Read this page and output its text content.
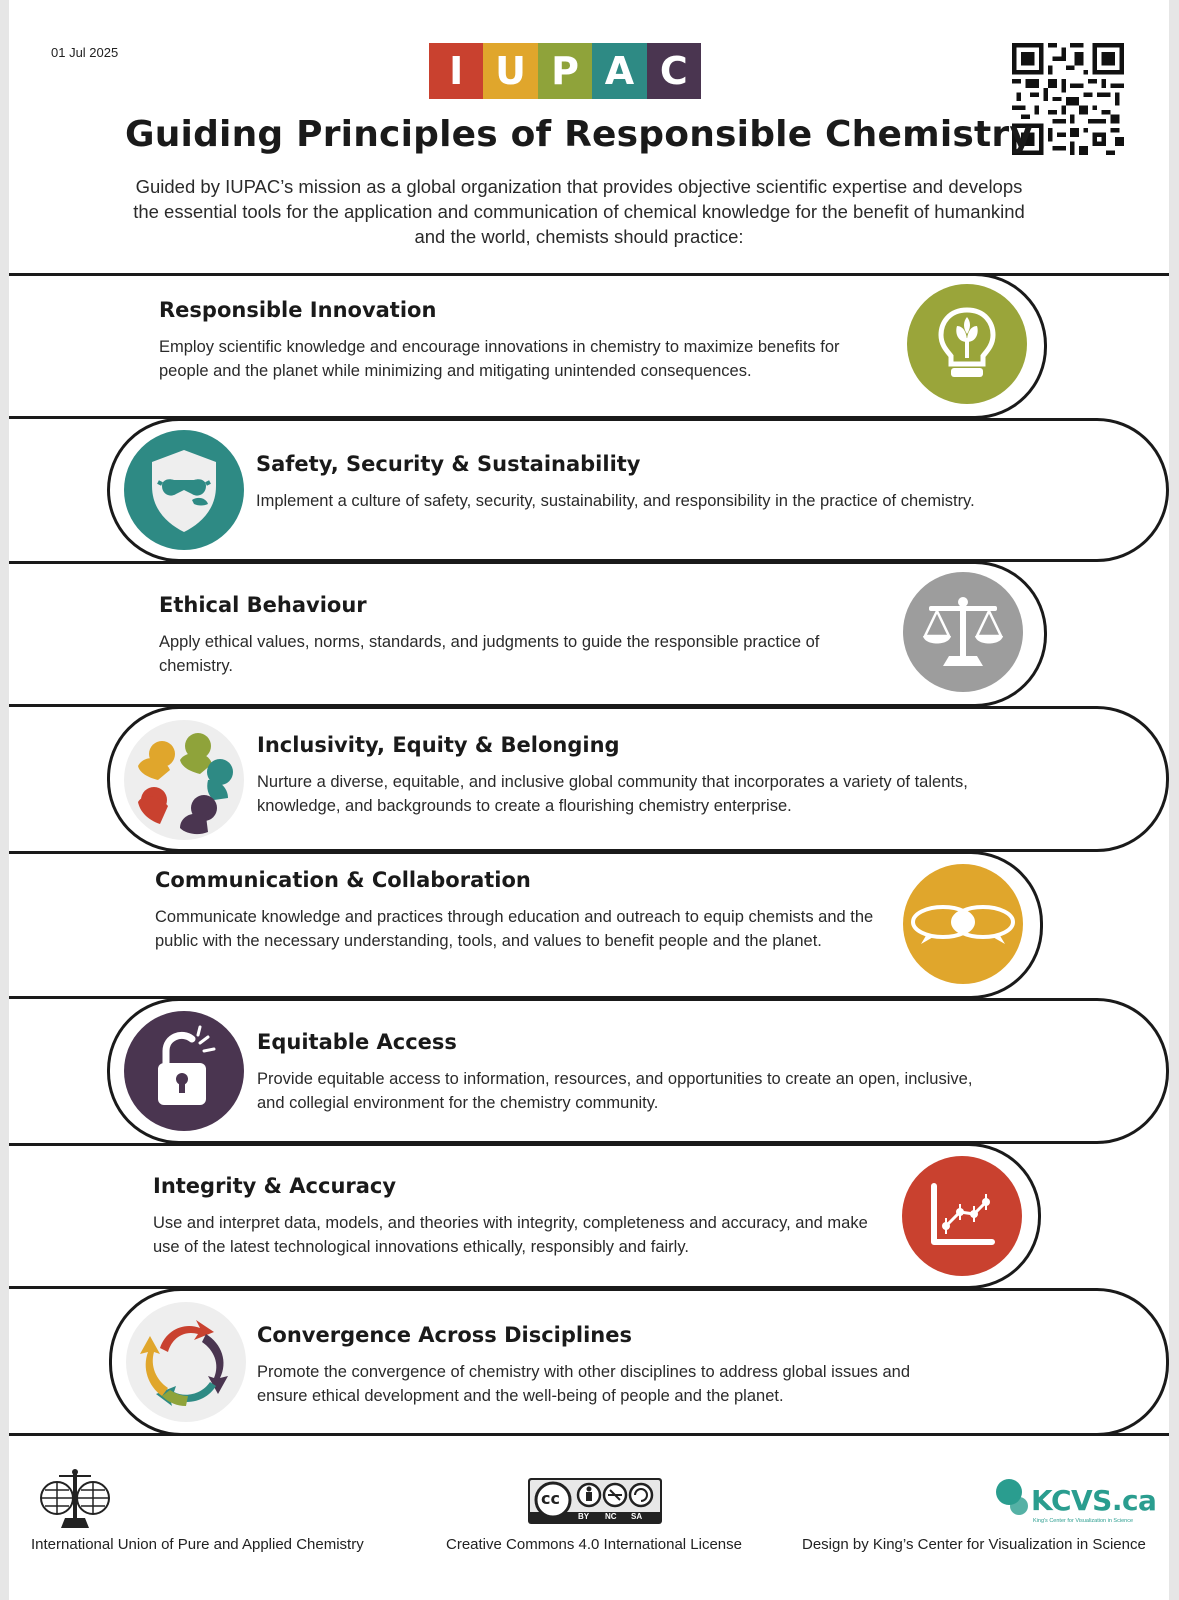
01 Jul 2025	I U P A C
Guiding Principles of Responsible Chemistry
Guided by IUPAC’s mission as a global organization that provides objective scientific expertise and develops the essential tools for the application and communication of chemical knowledge for the benefit of humankind and the world, chemists should practice:
Responsible Innovation
Employ scientific knowledge and encourage innovations in chemistry to maximize benefits for people and the planet while minimizing and mitigating unintended consequences.
Safety, Security & Sustainability
Implement a culture of safety, security, sustainability, and responsibility in the practice of chemistry.
Ethical Behaviour
Apply ethical values, norms, standards, and judgments to guide the responsible practice of chemistry.
Inclusivity, Equity & Belonging
Nurture a diverse, equitable, and inclusive global community that incorporates a variety of talents, knowledge, and backgrounds to create a flourishing chemistry enterprise.
Communication & Collaboration
Communicate knowledge and practices through education and outreach to equip chemists and the public with the necessary understanding, tools, and values to benefit people and the planet.
Equitable Access
Provide equitable access to information, resources, and opportunities to create an open, inclusive, and collegial environment for the chemistry community.
Integrity & Accuracy
Use and interpret data, models, and theories with integrity, completeness and accuracy, and make use of the latest technological innovations ethically, responsibly and fairly.
Convergence Across Disciplines
Promote the convergence of chemistry with other disciplines to address global issues and ensure ethical development and the well-being of people and the planet.
International Union of Pure and Applied Chemistry
cc
BY NC SA
Creative Commons 4.0 International License
KCVS.ca
King's Center for Visualization in Science
Design by King’s Center for Visualization in Science
